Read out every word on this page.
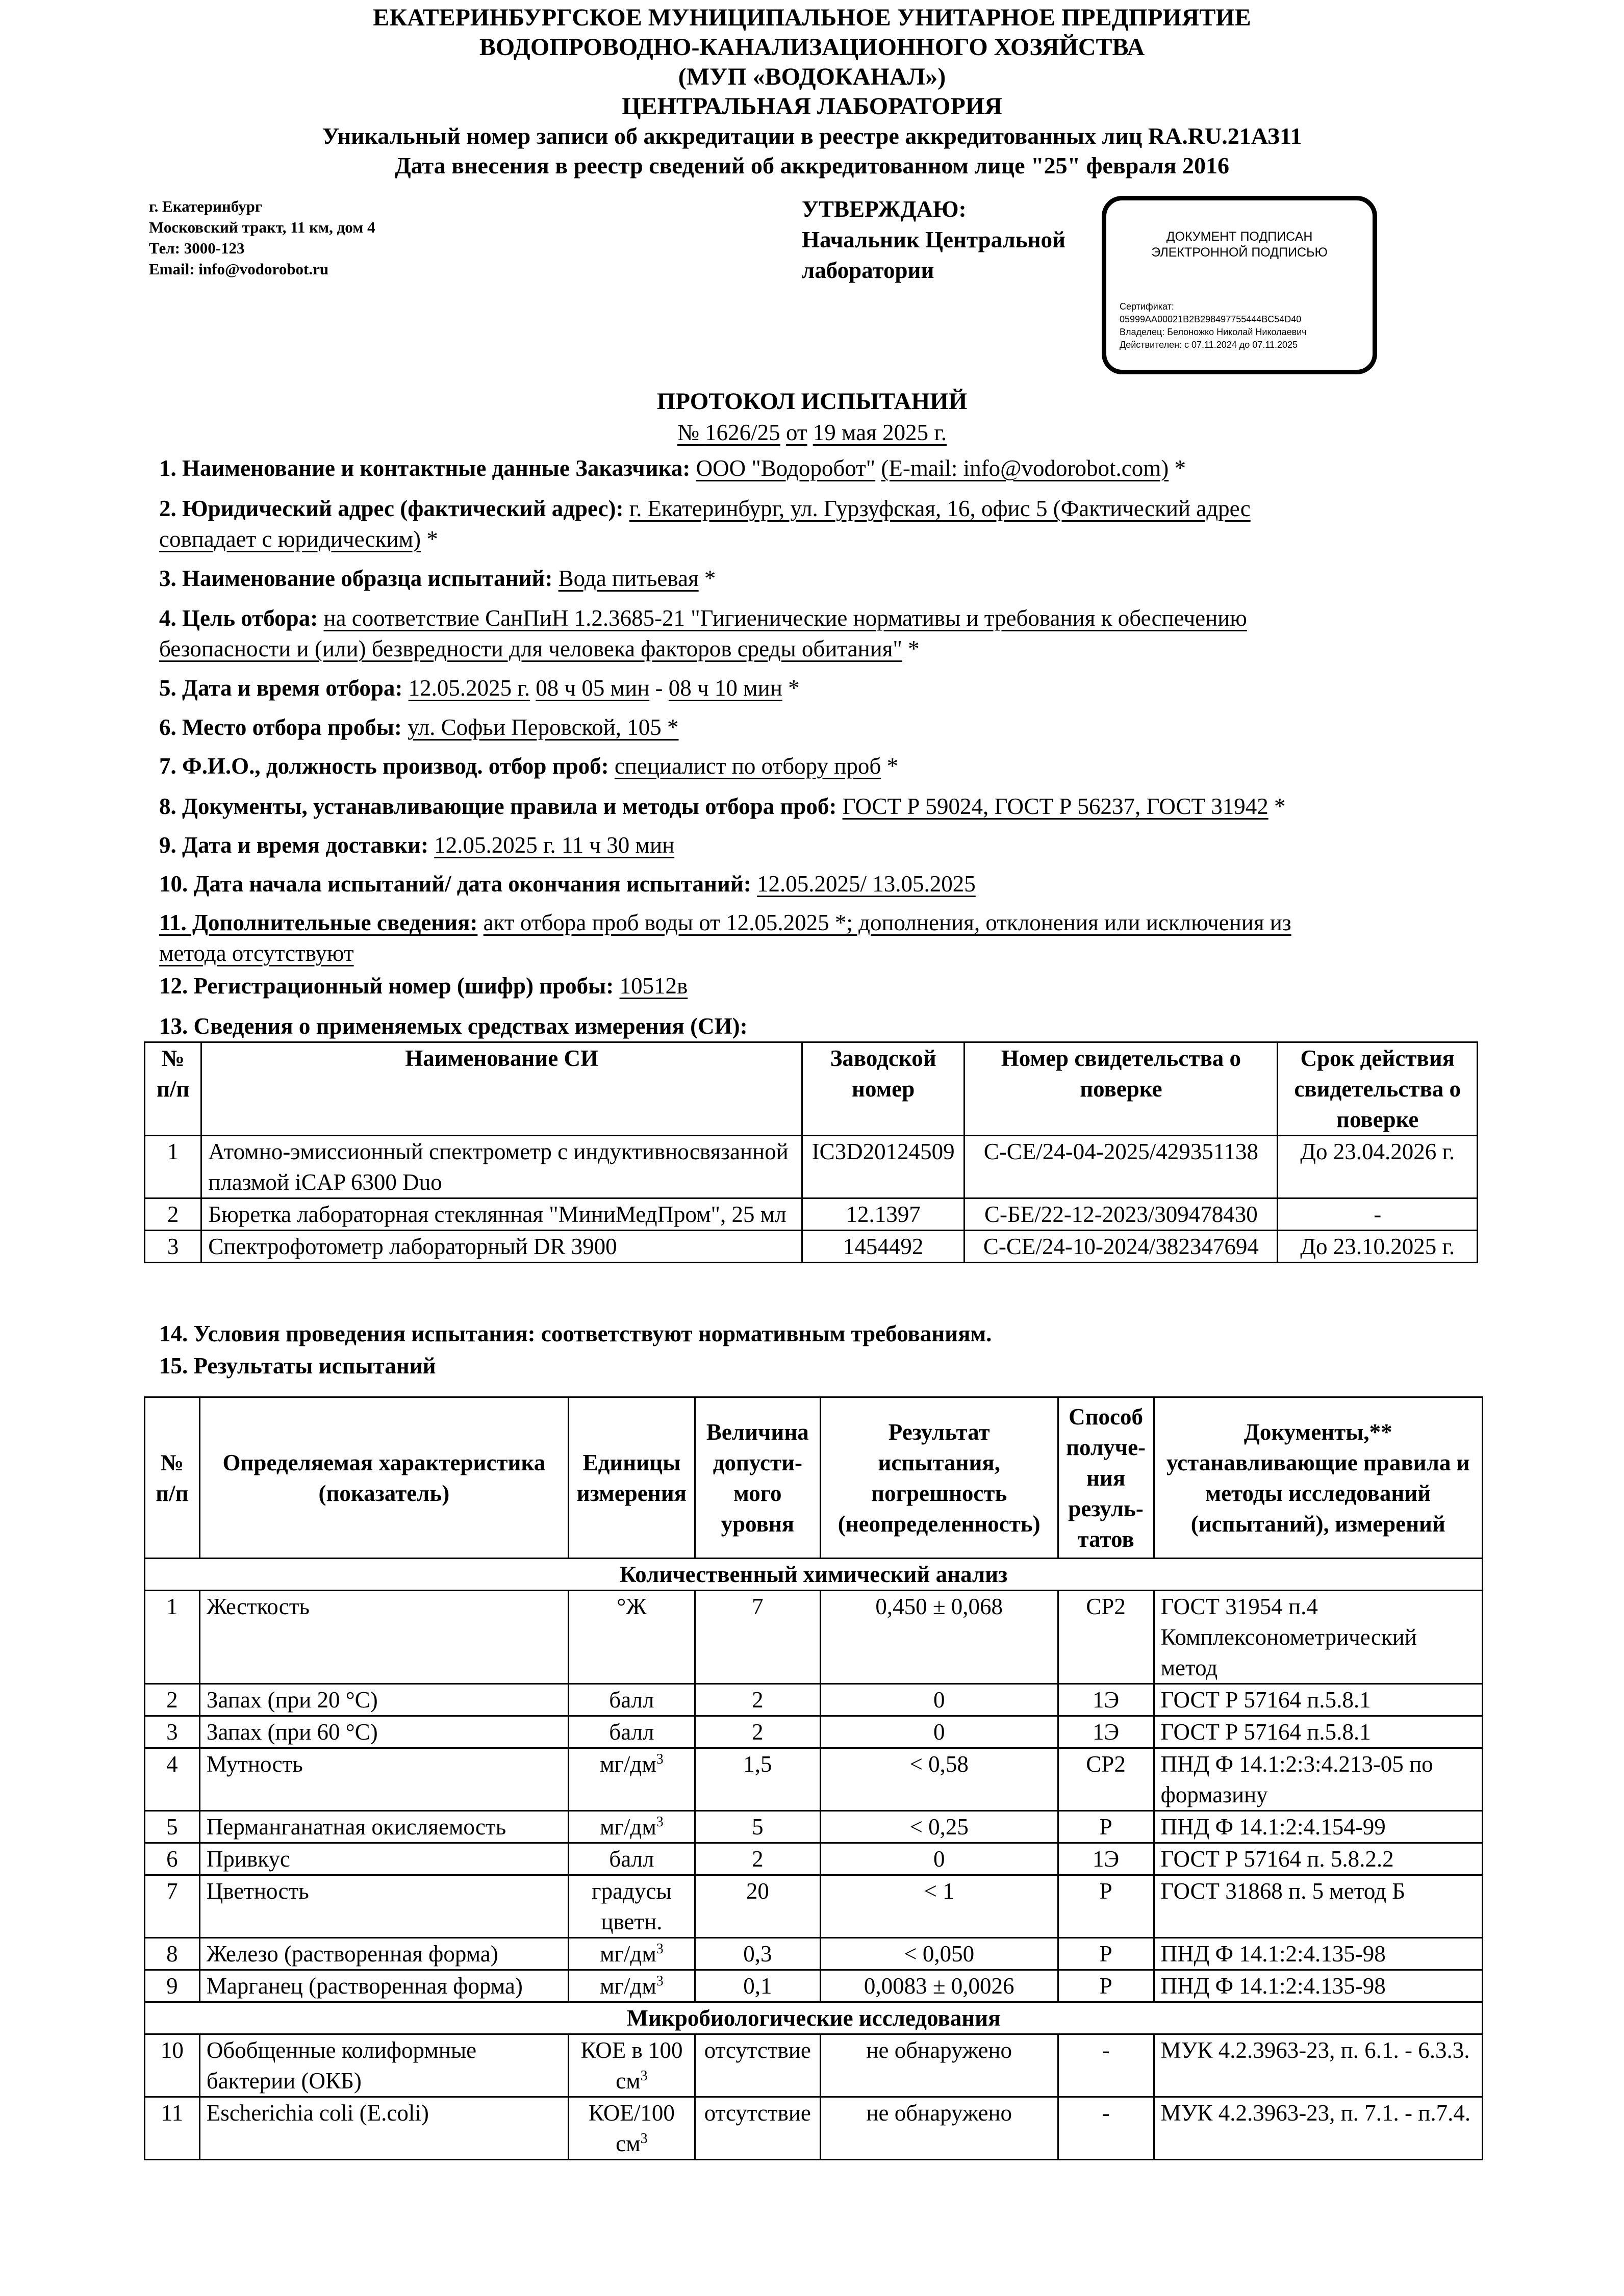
ЕКАТЕРИНБУРГСКОЕ МУНИЦИПАЛЬНОЕ УНИТАРНОЕ ПРЕДПРИЯТИЕ
ВОДОПРОВОДНО-КАНАЛИЗАЦИОННОГО ХОЗЯЙСТВА
(МУП «ВОДОКАНАЛ»)
ЦЕНТРАЛЬНАЯ ЛАБОРАТОРИЯ
Уникальный номер записи об аккредитации в реестре аккредитованных лиц RA.RU.21АЗ11
Дата внесения в реестр сведений об аккредитованном лице "25" февраля 2016
г. Екатеринбург
Московский тракт, 11 км, дом 4
Тел: 3000-123
Email: info@vodorobot.ru
УТВЕРЖДАЮ:
Начальник Центральной
лаборатории
ДОКУМЕНТ ПОДПИСАН
ЭЛЕКТРОННОЙ ПОДПИСЬЮ
Сертификат:
05999AA00021B2B298497755444BC54D40
Владелец: Белоножко Николай Николаевич
Действителен: с 07.11.2024 до 07.11.2025
ПРОТОКОЛ ИСПЫТАНИЙ
№ 1626/25 от 19 мая 2025 г.
1. Наименование и контактные данные Заказчика: ООО "Водоробот" (E-mail: info@vodorobot.com) *
2. Юридический адрес (фактический адрес): г. Екатеринбург, ул. Гурзуфская, 16, офис 5 (Фактический адрес
совпадает с юридическим) *
3. Наименование образца испытаний: Вода питьевая *
4. Цель отбора: на соответствие СанПиН 1.2.3685-21 "Гигиенические нормативы и требования к обеспечению
безопасности и (или) безвредности для человека факторов среды обитания" *
5. Дата и время отбора: 12.05.2025 г. 08 ч 05 мин - 08 ч 10 мин *
6. Место отбора пробы: ул. Софьи Перовской, 105 *
7. Ф.И.О., должность производ. отбор проб: специалист по отбору проб *
8. Документы, устанавливающие правила и методы отбора проб: ГОСТ Р 59024, ГОСТ Р 56237, ГОСТ 31942 *
9. Дата и время доставки: 12.05.2025 г. 11 ч 30 мин
10. Дата начала испытаний/ дата окончания испытаний: 12.05.2025/ 13.05.2025
11. Дополнительные сведения: акт отбора проб воды от 12.05.2025 *; дополнения, отклонения или исключения из
метода отсутствуют
12. Регистрационный номер (шифр) пробы: 10512в
13. Сведения о применяемых средствах измерения (СИ):
14. Условия проведения испытания: соответствуют нормативным требованиям.
15. Результаты испытаний
№ п/п	Наименование СИ	Заводской номер	Номер свидетельства о поверке	Срок действия свидетельства о поверке
1	Атомно-эмиссионный спектрометр с индуктивносвязанной плазмой iCAP 6300 Duo	IC3D20124509	С-СЕ/24-04-2025/429351138	До 23.04.2026 г.
2	Бюретка лабораторная стеклянная "МиниМедПром", 25 мл	12.1397	С-БЕ/22-12-2023/309478430	-
3	Спектрофотометр лабораторный DR 3900	1454492	С-СЕ/24-10-2024/382347694	До 23.10.2025 г.
№ п/п	Определяемая характеристика (показатель)	Единицы измерения	Величина допусти-мого уровня	Результат испытания, погрешность (неопределенность)	Способ получе-ния резуль-татов	Документы,** устанавливающие правила и методы исследований (испытаний), измерений
Количественный химический анализ						
1	Жесткость	°Ж	7	0,450 ± 0,068	СР2	ГОСТ 31954 п.4 Комплексонометрический метод
2	Запах (при 20 °С)	балл	2	0	1Э	ГОСТ Р 57164 п.5.8.1
3	Запах (при 60 °С)	балл	2	0	1Э	ГОСТ Р 57164 п.5.8.1
4	Мутность	$мг/дм^3$	1,5	< 0,58	СР2	ПНД Ф 14.1:2:3:4.213-05 по формазину
5	Перманганатная окисляемость	$мг/дм^3$	5	< 0,25	Р	ПНД Ф 14.1:2:4.154-99
6	Привкус	балл	2	0	1Э	ГОСТ Р 57164 п. 5.8.2.2
7	Цветность	градусы цветн.	20	< 1	Р	ГОСТ 31868 п. 5 метод Б
8	Железо (растворенная форма)	$мг/дм^3$	0,3	< 0,050	Р	ПНД Ф 14.1:2:4.135-98
9	Марганец (растворенная форма)	$мг/дм^3$	0,1	0,0083 ± 0,0026	Р	ПНД Ф 14.1:2:4.135-98
Микробиологические исследования						
10	Обобщенные колиформные бактерии (ОКБ)	КОЕ в 100 $см^3$	отсутствие	не обнаружено	-	МУК 4.2.3963-23, п. 6.1. - 6.3.3.
11	Escherichia coli (E.coli)	КОЕ/100 $см^3$	отсутствие	не обнаружено	-	МУК 4.2.3963-23, п. 7.1. - п.7.4.
